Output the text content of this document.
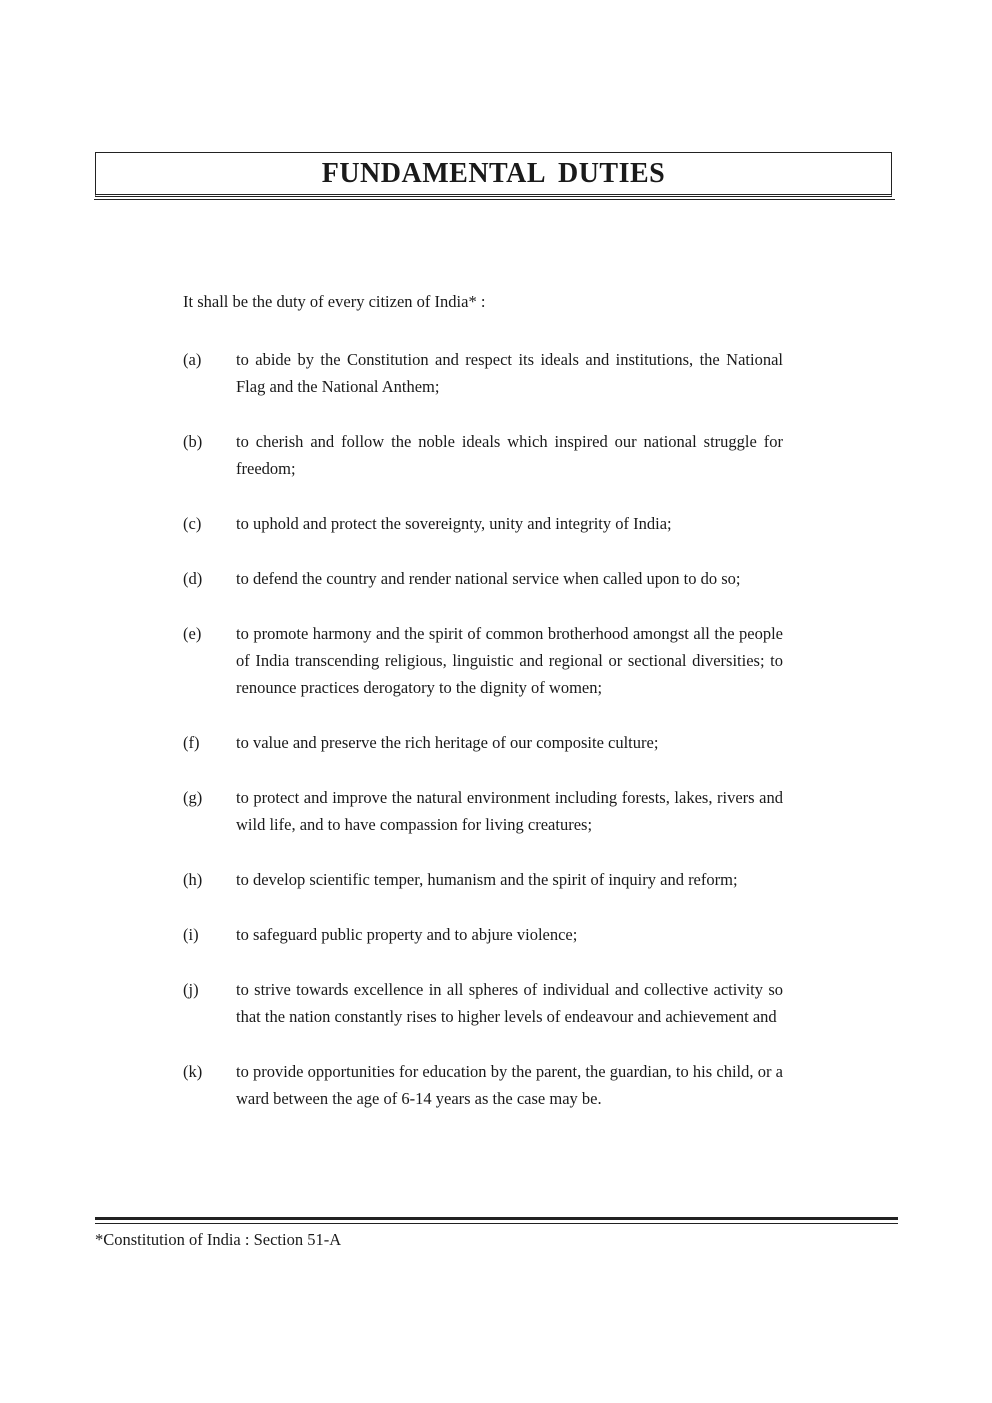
FUNDAMENTAL DUTIES

It shall be the duty of every citizen of India* :

(a)	to abide by the Constitution and respect its ideals and institutions, the National Flag and the National Anthem;
(b)	to cherish and follow the noble ideals which inspired our national struggle for freedom;
(c)	to uphold and protect the sovereignty, unity and integrity of India;
(d)	to defend the country and render national service when called upon to do so;
(e)	to promote harmony and the spirit of common brotherhood amongst all the people of India transcending religious, linguistic and regional or sectional diversities; to renounce practices derogatory to the dignity of women;
(f)	to value and preserve the rich heritage of our composite culture;
(g)	to protect and improve the natural environment including forests, lakes, rivers and wild life, and to have compassion for living creatures;
(h)	to develop scientific temper, humanism and the spirit of inquiry and reform;
(i)	to safeguard public property and to abjure violence;
(j)	to strive towards excellence in all spheres of individual and collective activity so that the nation constantly rises to higher levels of endeavour and achievement and
(k)	to provide opportunities for education by the parent, the guardian, to his child, or a ward between the age of 6-14 years as the case may be.

*Constitution of India : Section 51-A
